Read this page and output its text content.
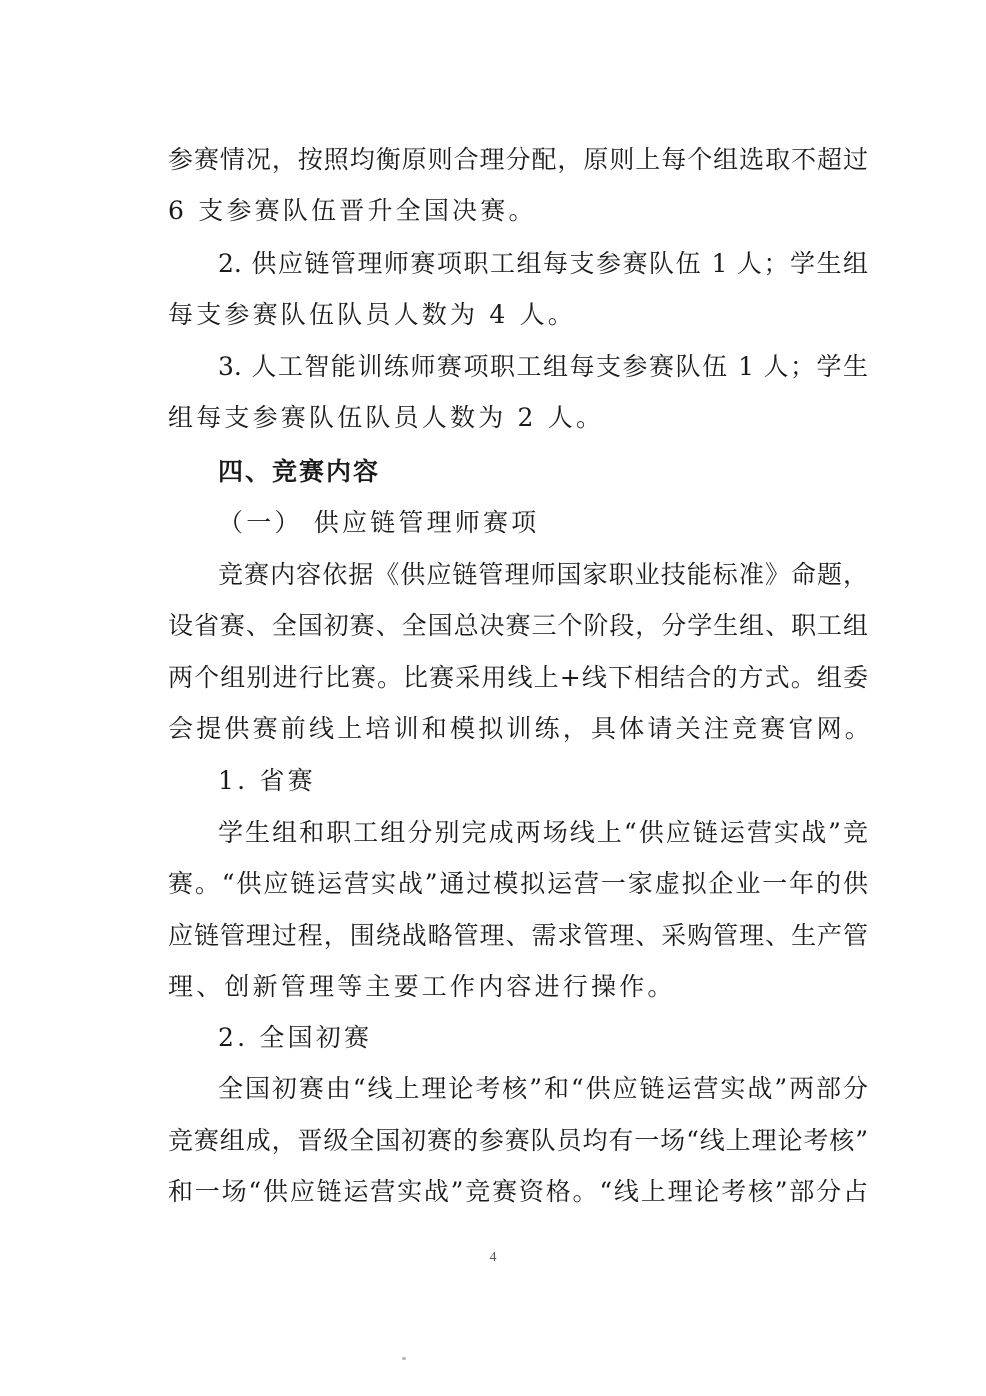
参赛情况，按照均衡原则合理分配，原则上每个组选取不超过
6 支参赛队伍晋升全国决赛。
2. 供应链管理师赛项职工组每支参赛队伍 1 人；学生组
每支参赛队伍队员人数为 4 人。
3. 人工智能训练师赛项职工组每支参赛队伍 1 人；学生
组每支参赛队伍队员人数为 2 人。
四、竞赛内容
（一） 供应链管理师赛项
竞赛内容依据《供应链管理师国家职业技能标准》命题，
设省赛、全国初赛、全国总决赛三个阶段，分学生组、职工组
两个组别进行比赛。比赛采用线上+线下相结合的方式。组委
会提供赛前线上培训和模拟训练，具体请关注竞赛官网。
1. 省赛
学生组和职工组分别完成两场线上“供应链运营实战”竞
赛。“供应链运营实战”通过模拟运营一家虚拟企业一年的供
应链管理过程，围绕战略管理、需求管理、采购管理、生产管
理、创新管理等主要工作内容进行操作。
2. 全国初赛
全国初赛由“线上理论考核”和“供应链运营实战”两部分
竞赛组成，晋级全国初赛的参赛队员均有一场“线上理论考核”
和一场“供应链运营实战”竞赛资格。“线上理论考核”部分占
4
